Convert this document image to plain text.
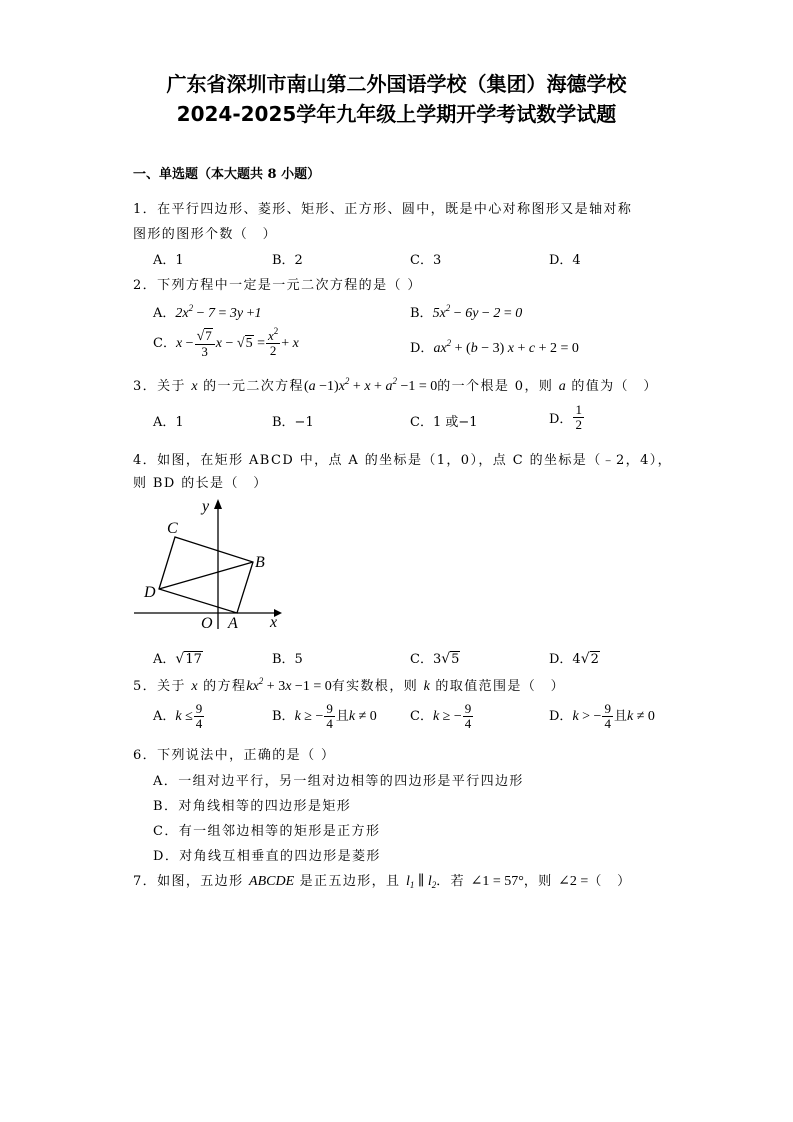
广东省深圳市南山第二外国语学校（集团）海德学校
2024-2025学年九年级上学期开学考试数学试题
一、单选题（本大题共 8 小题）
1．在平行四边形、菱形、矩形、正方形、圆中，既是中心对称图形又是轴对称
图形的图形个数（　）
A．1	B．2	C．3	D．4
2．下列方程中一定是一元二次方程的是（ ）
A．$2x^2 - 7 = 3y +1$	B．$5x^2 - 6y - 2 = 0$
C．$x - \frac{√7}{3}$ $x - √5 = \frac{x^2}{2} + x$	D．$ax^2 + (b - 3) x + c + 2 = 0$
3．关于 x 的一元二次方程$(a -1)x^2 + x + a^2 -1 = 0$的一个根是 0，则 a 的值为（　）
A．1	B．−1	C．1 或−1	D． $\frac{1}{2}$
4．如图，在矩形 ABCD 中，点 A 的坐标是（1，0），点 C 的坐标是（﹣2，4），
则 BD 的长是（　）
y
x
C
B
D
O A
A．√17	B．5	C．3√5	D．4√2
5．关于 x 的方程$kx^2 + 3x -1 = 0$有实数根，则 k 的取值范围是（　）
A．$k \le \frac{9}{4}$	B．k ≥ − $\frac{9}{4}$ 且k ≠ 0	C．k ≥ − $\frac{9}{4}$	D．k > − $\frac{9}{4}$ 且k ≠ 0
6．下列说法中，正确的是（ ）
A．一组对边平行，另一组对边相等的四边形是平行四边形
B．对角线相等的四边形是矩形
C．有一组邻边相等的矩形是正方形
D．对角线互相垂直的四边形是菱形
7．如图，五边形 ABCDE 是正五边形，且 $l_1$ ∥ $l_2$．若 ∠1 = 57°，则 ∠2 =（　）
